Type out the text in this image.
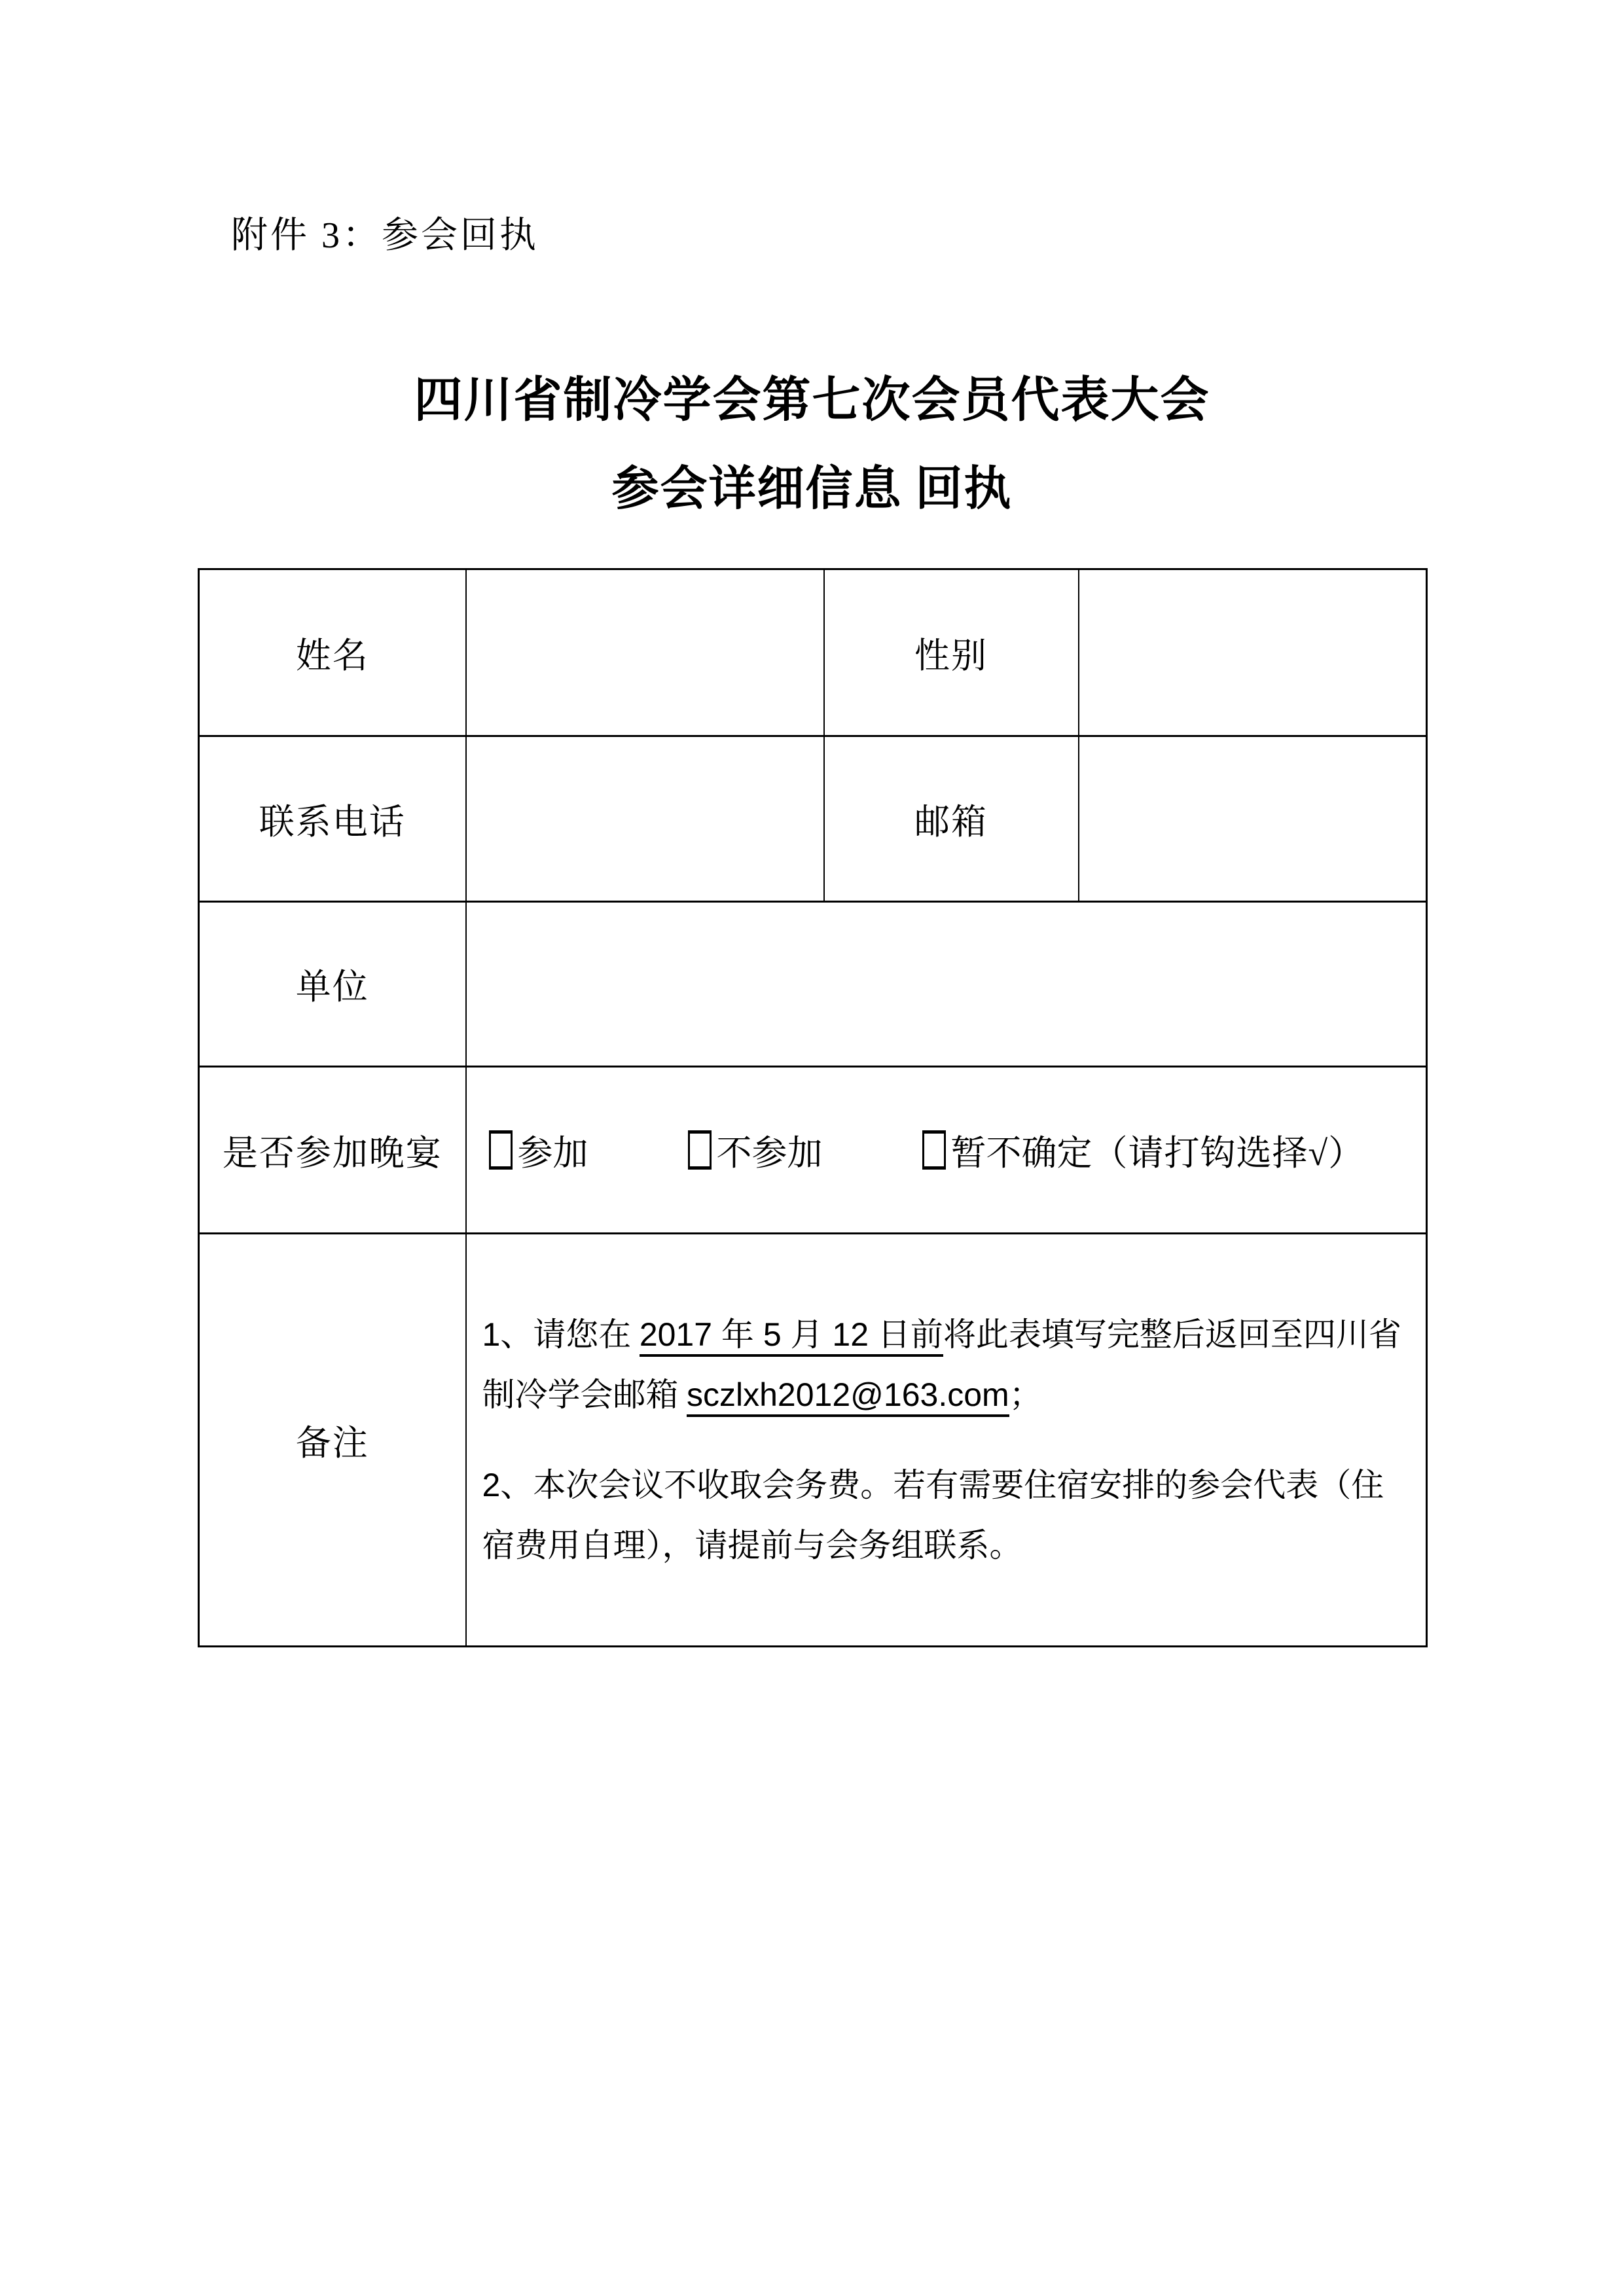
附件 3：参会回执
四川省制冷学会第七次会员代表大会
参会详细信息 回执
姓名		性别	
联系电话		邮箱	
单位			
是否参加晚宴	参加 不参加 暂不确定 （请打钩选择√）		

备注	1、请您在 2017 年 5 月 12 日前将此表填写完整后返回至四川省制冷学会邮箱 sczlxh2012@163.com；

2、本次会议不收取会务费。若有需要住宿安排的参会代表（住宿费用自理），请提前与会务组联系。		
